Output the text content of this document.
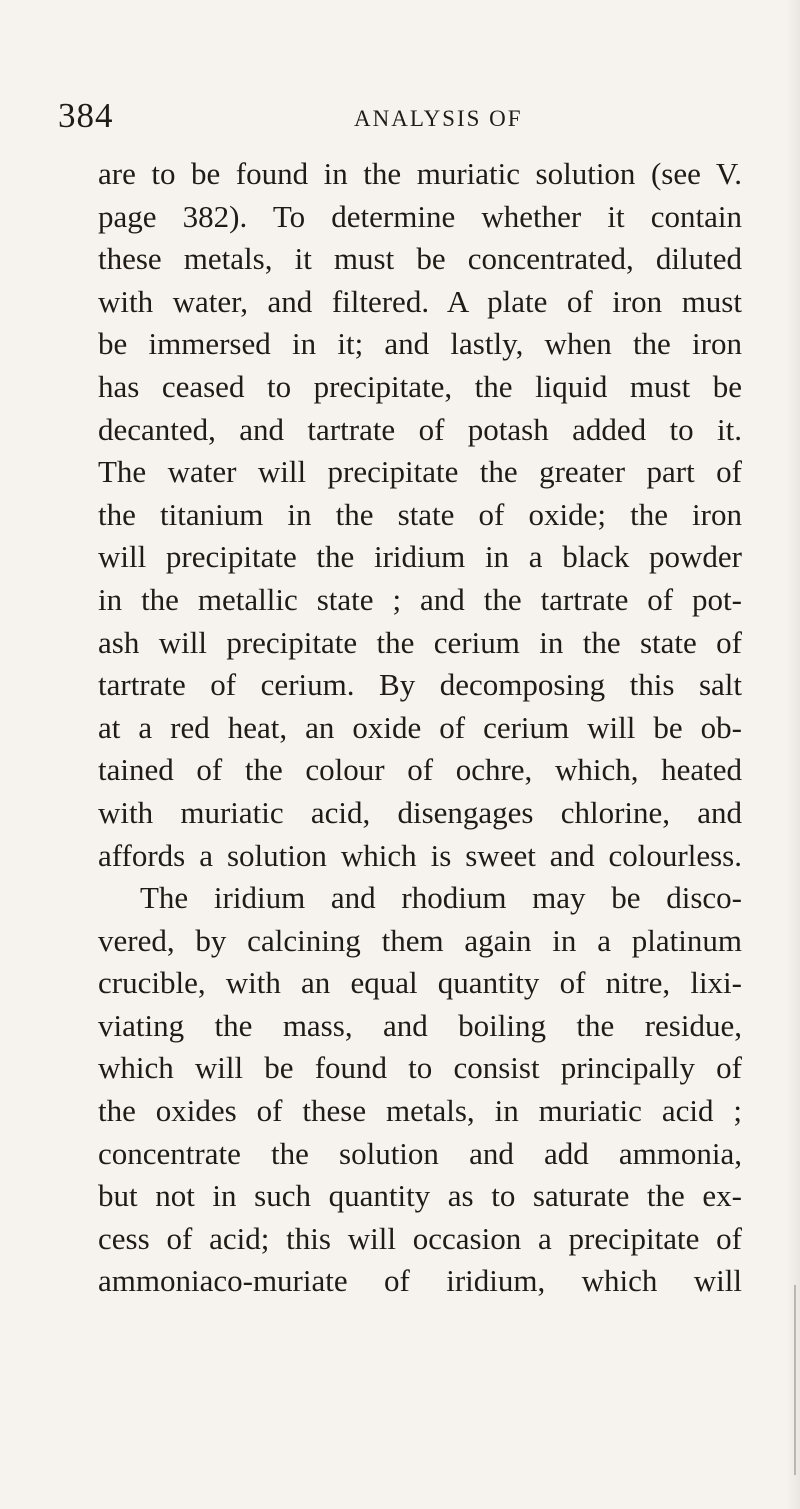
384	ANALYSIS OF
are to be found in the muriatic solution (see V.
page 382). To determine whether it contain
these metals, it must be concentrated, diluted
with water, and filtered. A plate of iron must
be immersed in it; and lastly, when the iron
has ceased to precipitate, the liquid must be
decanted, and tartrate of potash added to it.
The water will precipitate the greater part of
the titanium in the state of oxide; the iron
will precipitate the iridium in a black powder
in the metallic state ; and the tartrate of pot-
ash will precipitate the cerium in the state of
tartrate of cerium. By decomposing this salt
at a red heat, an oxide of cerium will be ob-
tained of the colour of ochre, which, heated
with muriatic acid, disengages chlorine, and
affords a solution which is sweet and colourless.
The iridium and rhodium may be disco-
vered, by calcining them again in a platinum
crucible, with an equal quantity of nitre, lixi-
viating the mass, and boiling the residue,
which will be found to consist principally of
the oxides of these metals, in muriatic acid ;
concentrate the solution and add ammonia,
but not in such quantity as to saturate the ex-
cess of acid; this will occasion a precipitate of
ammoniaco-muriate of iridium, which will
